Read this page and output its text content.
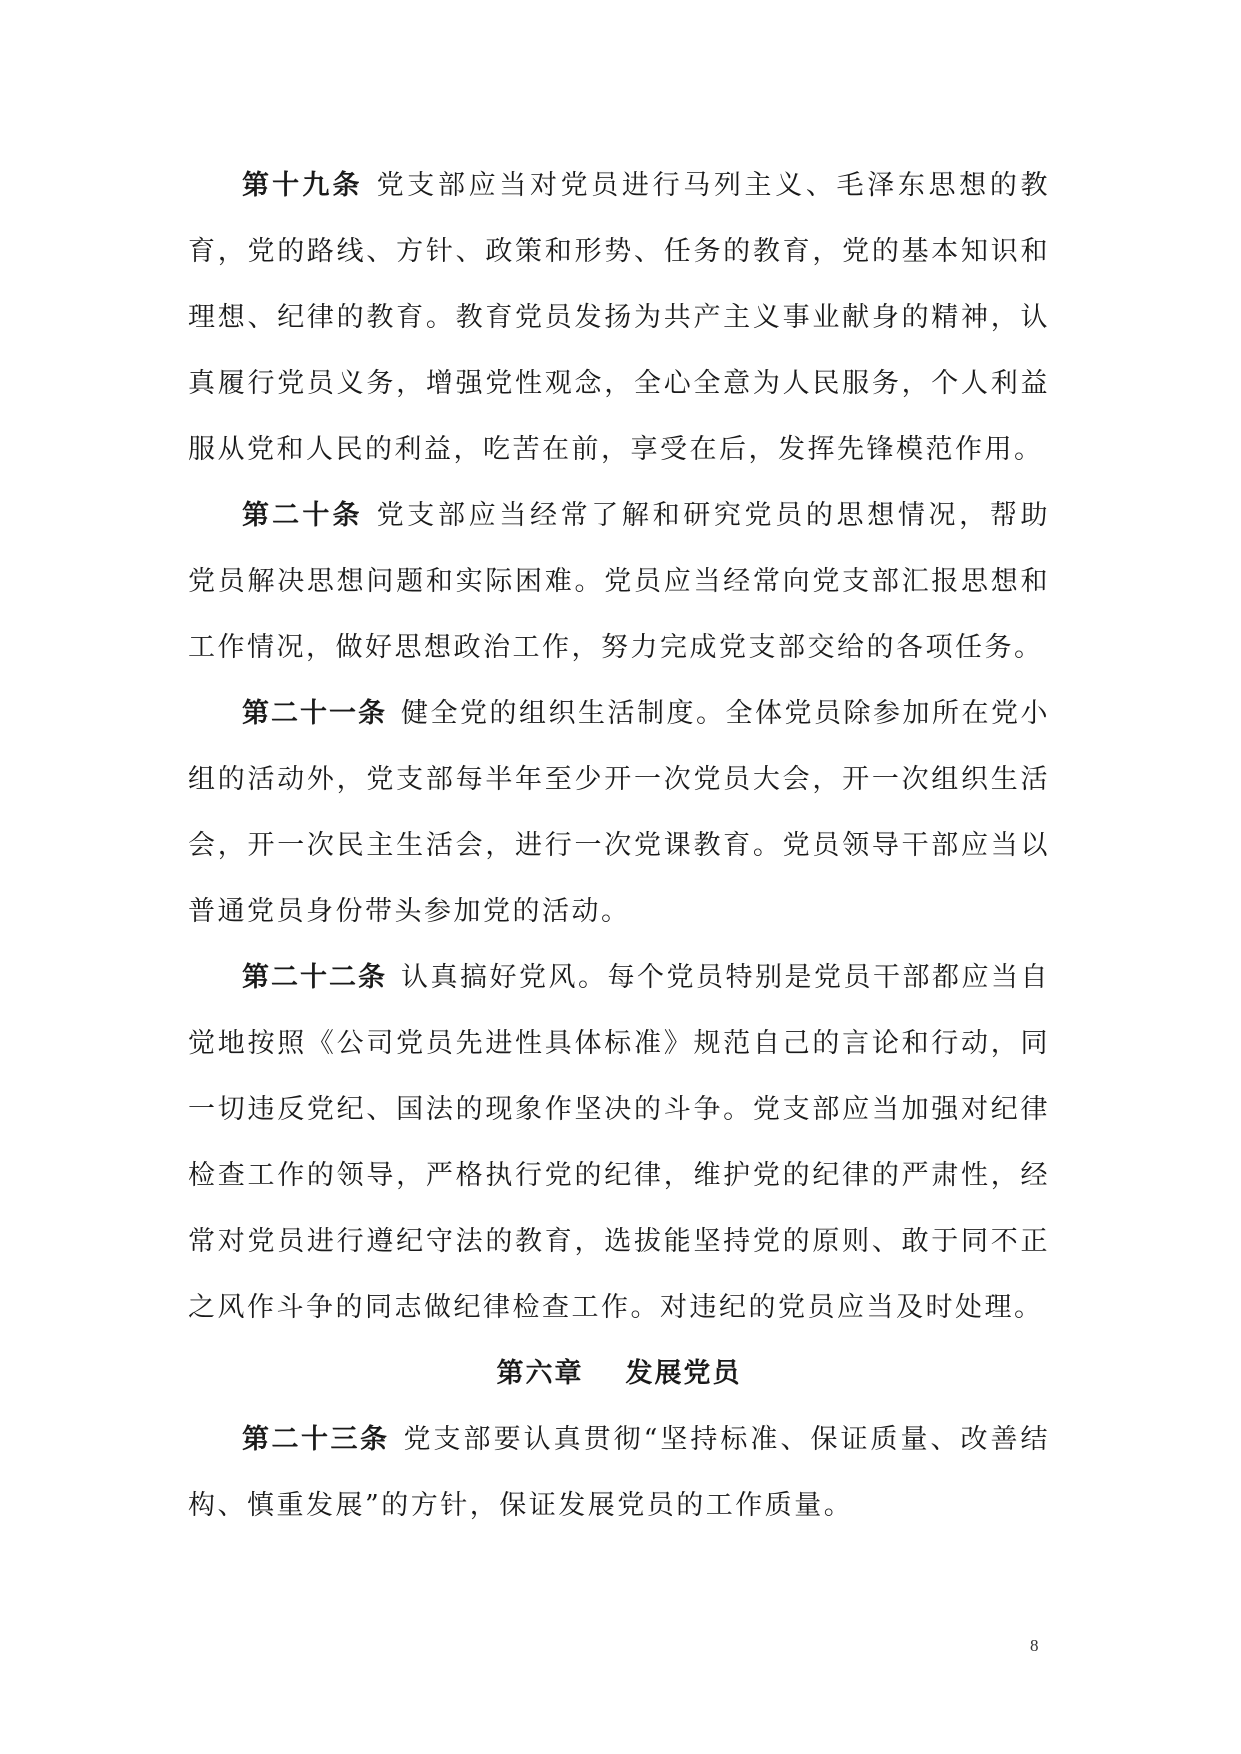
第十九条 党支部应当对党员进行马列主义、毛泽东思想的教育，党的路线、方针、政策和形势、任务的教育，党的基本知识和理想、纪律的教育。教育党员发扬为共产主义事业献身的精神，认真履行党员义务，增强党性观念，全心全意为人民服务，个人利益服从党和人民的利益，吃苦在前，享受在后，发挥先锋模范作用。

第二十条 党支部应当经常了解和研究党员的思想情况，帮助党员解决思想问题和实际困难。党员应当经常向党支部汇报思想和工作情况，做好思想政治工作，努力完成党支部交给的各项任务。

第二十一条 健全党的组织生活制度。全体党员除参加所在党小组的活动外，党支部每半年至少开一次党员大会，开一次组织生活会，开一次民主生活会，进行一次党课教育。党员领导干部应当以普通党员身份带头参加党的活动。

第二十二条 认真搞好党风。每个党员特别是党员干部都应当自觉地按照《公司党员先进性具体标准》规范自己的言论和行动，同一切违反党纪、国法的现象作坚决的斗争。党支部应当加强对纪律检查工作的领导，严格执行党的纪律，维护党的纪律的严肃性，经常对党员进行遵纪守法的教育，选拔能坚持党的原则、敢于同不正之风作斗争的同志做纪律检查工作。对违纪的党员应当及时处理。

第六章 发展党员

第二十三条 党支部要认真贯彻“坚持标准、保证质量、改善结构、慎重发展”的方针，保证发展党员的工作质量。

8
